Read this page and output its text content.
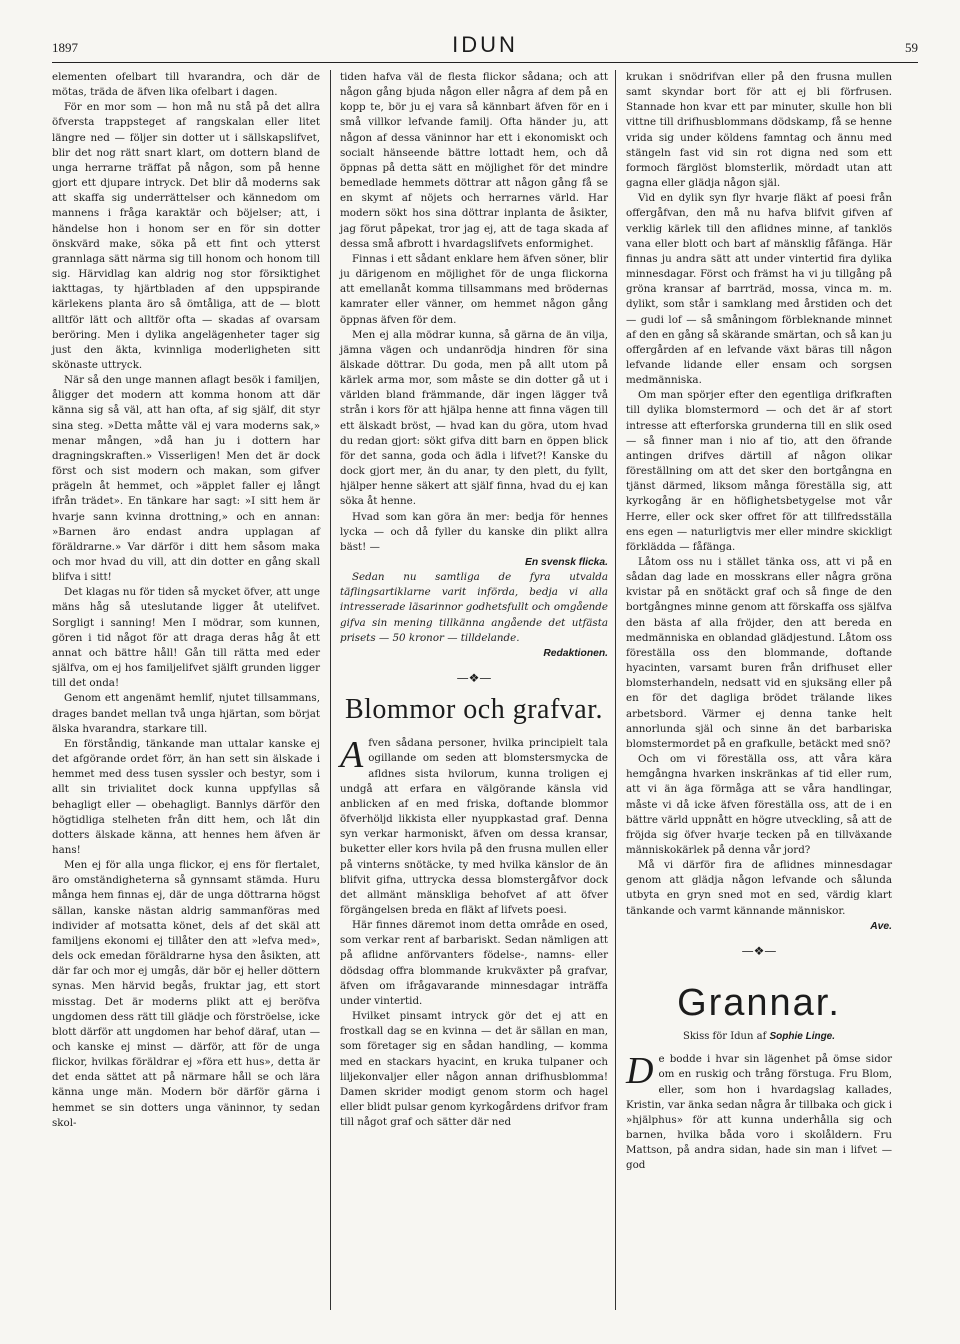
1897	IDUN	59

elementen ofelbart till hvarandra, och där de mötas, träda de äfven lika ofelbart i dagen.

För en mor som — hon må nu stå på det allra öfversta trappsteget af rangskalan eller litet längre ned — följer sin dotter ut i sällskapslifvet, blir det nog rätt snart klart, om dottern bland de unga herrarne träffat på någon, som på henne gjort ett djupare intryck. Det blir då moderns sak att skaffa sig underrättelser och kännedom om mannens i fråga karaktär och böjelser; att, i händelse hon i honom ser en för sin dotter önskvärd make, söka på ett fint och ytterst grannlaga sätt närma sig till honom och honom till sig. Härvidlag kan aldrig nog stor försiktighet iakttagas, ty hjärtbladen af den uppspirande kärlekens planta äro så ömtåliga, att de — blott alltför lätt och alltför ofta — skadas af ovarsam beröring. Men i dylika angelägenheter tager sig just den äkta, kvinnliga moderligheten sitt skönaste uttryck.

När så den unge mannen aflagt besök i familjen, åligger det modern att komma honom att där känna sig så väl, att han ofta, af sig själf, dit styr sina steg. »Detta måtte väl ej vara moderns sak,» menar mången, »då han ju i dottern har dragningskraften.» Visserligen! Men det är dock först och sist modern och makan, som gifver prägeln åt hemmet, och »äpplet faller ej långt ifrån trädet». En tänkare har sagt: »I sitt hem är hvarje sann kvinna drottning,» och en annan: »Barnen äro endast andra upplagan af föräldrarne.» Var därför i ditt hem såsom maka och mor hvad du vill, att din dotter en gång skall blifva i sitt!

Det klagas nu för tiden så mycket öfver, att unge mäns håg så uteslutande ligger åt utelifvet. Sorgligt i sanning! Men I mödrar, som kunnen, gören i tid något för att draga deras håg åt ett annat och bättre håll! Gån till rätta med eder själfva, om ej hos familjelifvet själft grunden ligger till det onda!

Genom ett angenämt hemlif, njutet tillsammans, drages bandet mellan två unga hjärtan, som börjat älska hvarandra, starkare till.

En förståndig, tänkande man uttalar kanske ej det afgörande ordet förr, än han sett sin älskade i hemmet med dess tusen syssler och bestyr, som i allt sin trivialitet dock kunna uppfyllas så behagligt eller — obehagligt. Bannlys därför den högtidliga stelheten från ditt hem, och låt din dotters älskade känna, att hennes hem äfven är hans!

Men ej för alla unga flickor, ej ens för flertalet, äro omständigheterna så gynnsamt stämda. Huru många hem finnas ej, där de unga döttrarna högst sällan, kanske nästan aldrig sammanföras med individer af motsatta könet, dels af det skäl att familjens ekonomi ej tillåter den att »lefva med», dels ock emedan föräldrarne hysa den åsikten, att där far och mor ej umgås, där bör ej heller döttern synas. Men härvid begås, fruktar jag, ett stort misstag. Det är moderns plikt att ej beröfva ungdomen dess rätt till glädje och förströelse, icke blott därför att ungdomen har behof däraf, utan — och kanske ej minst — därför, att för de unga flickor, hvilkas föräldrar ej »föra ett hus», detta är det enda sättet att på närmare håll se och lära känna unge män. Modern bör därför gärna i hemmet se sin dotters unga väninnor, ty sedan skol-

tiden hafva väl de flesta flickor sådana; och att någon gång bjuda någon eller några af dem på en kopp te, bör ju ej vara så kännbart äfven för en i små villkor lefvande familj. Ofta händer ju, att någon af dessa väninnor har ett i ekonomiskt och socialt hänseende bättre lottadt hem, och då öppnas på detta sätt en möjlighet för det mindre bemedlade hemmets döttrar att någon gång få se en skymt af nöjets och herrarnes värld. Har modern sökt hos sina döttrar inplanta de åsikter, jag förut påpekat, tror jag ej, att de taga skada af dessa små afbrott i hvardagslifvets enformighet.

Finnas i ett sådant enklare hem äfven söner, blir ju därigenom en möjlighet för de unga flickorna att emellanåt komma tillsammans med brödernas kamrater eller vänner, om hemmet någon gång öppnas äfven för dem.

Men ej alla mödrar kunna, så gärna de än vilja, jämna vägen och undanrödja hindren för sina älskade döttrar. Du goda, men på allt utom på kärlek arma mor, som måste se din dotter gå ut i världen bland främmande, där ingen lägger två strån i kors för att hjälpa henne att finna vägen till ett älskadt bröst, — hvad kan du göra, utom hvad du redan gjort: sökt gifva ditt barn en öppen blick för det sanna, goda och ädla i lifvet?! Kanske du dock gjort mer, än du anar, ty den plett, du fyllt, hjälper henne säkert att själf finna, hvad du ej kan söka åt henne.

Hvad som kan göra än mer: bedja för hennes lycka — och då fyller du kanske din plikt allra bäst! —

En svensk flicka.

Sedan nu samtliga de fyra utvalda täflingsartiklarne varit införda, bedja vi alla intresserade läsarinnor godhetsfullt och omgående gifva sin mening tillkänna angående det utfästa prisets — 50 kronor — tilldelande.

Redaktionen.
—❖—
Blommor och grafvar.

Afven sådana personer, hvilka principielt tala ogillande om seden att blomstersmycka de afldnes sista hvilorum, kunna troligen ej undgå att erfara en välgörande känsla vid anblicken af en med friska, doftande blommor öfverhöljd likkista eller nyuppkastad graf. Denna syn verkar harmoniskt, äfven om dessa kransar, buketter eller kors hvila på den frusna mullen eller på vinterns snötäcke, ty med hvilka känslor de än blifvit gifna, uttrycka dessa blomstergåfvor dock det allmänt mänskliga behofvet af att öfver förgängelsen breda en fläkt af lifvets poesi.

Här finnes däremot inom detta område en osed, som verkar rent af barbariskt. Sedan nämligen att på aflidne anförvanters födelse-, namns- eller dödsdag offra blommande krukväxter på grafvar, äfven om ifrågavarande minnesdagar inträffa under vintertid.

Hvilket pinsamt intryck gör det ej att en frostkall dag se en kvinna — det är sällan en man, som företager sig en sådan handling, — komma med en stackars hyacint, en kruka tulpaner och liljekonvaljer eller någon annan drifhusblomma! Damen skrider modigt genom storm och hagel eller blidt pulsar genom kyrkogårdens drifvor fram till något graf och sätter där ned

krukan i snödrifvan eller på den frusna mullen samt skyndar bort för att ej bli förfrusen. Stannade hon kvar ett par minuter, skulle hon bli vittne till drifhusblommans dödskamp, få se henne vrida sig under köldens famntag och ännu med stängeln fast vid sin rot digna ned som ett formoch färglöst blomsterlik, mördadt utan att gagna eller glädja någon själ.

Vid en dylik syn flyr hvarje fläkt af poesi från offergåfvan, den må nu hafva blifvit gifven af verklig kärlek till den aflidnes minne, af tanklös vana eller blott och bart af mänsklig fåfänga. Här finnas ju andra sätt att under vintertid fira dylika minnesdagar. Först och främst ha vi ju tillgång på gröna kransar af barrträd, mossa, vinca m. m. dylikt, som står i samklang med årstiden och det — gudi lof — så småningom förbleknande minnet af den en gång så skärande smärtan, och så kan ju offergården af en lefvande växt bäras till någon lefvande lidande eller ensam och sorgsen medmänniska.

Om man spörjer efter den egentliga drifkraften till dylika blomstermord — och det är af stort intresse att efterforska grunderna till en slik osed — så finner man i nio af tio, att den öfrande antingen drifves därtill af någon olikar föreställning om att det sker den bortgångna en tjänst därmed, liksom många föreställa sig, att kyrkogång är en höflighetsbetygelse mot vår Herre, eller ock sker offret för att tillfredsställa ens egen — naturligtvis mer eller mindre skickligt förklädda — fåfänga.

Låtom oss nu i stället tänka oss, att vi på en sådan dag lade en mosskrans eller några gröna kvistar på en snötäckt graf och så finge de den bortgångnes minne genom att förskaffa oss själfva den bästa af alla fröjder, den att bereda en medmänniska en oblandad glädjestund. Låtom oss föreställa oss den blommande, doftande hyacinten, varsamt buren från drifhuset eller blomsterhandeln, nedsatt vid en sjuksäng eller på en för det dagliga brödet trälande likes arbetsbord. Värmer ej denna tanke helt annorlunda själ och sinne än det barbariska blomstermordet på en grafkulle, betäckt med snö?

Och om vi föreställa oss, att våra kära hemgångna hvarken inskränkas af tid eller rum, att vi än äga förmåga att se våra handlingar, måste vi då icke äfven föreställa oss, att de i en bättre värld uppnått en högre utveckling, så att de fröjda sig öfver hvarje tecken på en tillväxande människokärlek på denna vår jord?

Må vi därför fira de aflidnes minnesdagar genom att glädja någon lefvande och sålunda utbyta en gryn sned mot en sed, värdig klart tänkande och varmt kännande människor.

Ave.
—❖—
Grannar.
Skiss för Idun af Sophie Linge.

De bodde i hvar sin lägenhet på ömse sidor om en ruskig och trång förstuga. Fru Blom, eller, som hon i hvardagslag kallades, Kristin, var änka sedan några år tillbaka och gick i »hjälphus» för att kunna underhålla sig och barnen, hvilka båda voro i skolåldern. Fru Mattson, på andra sidan, hade sin man i lifvet — god
